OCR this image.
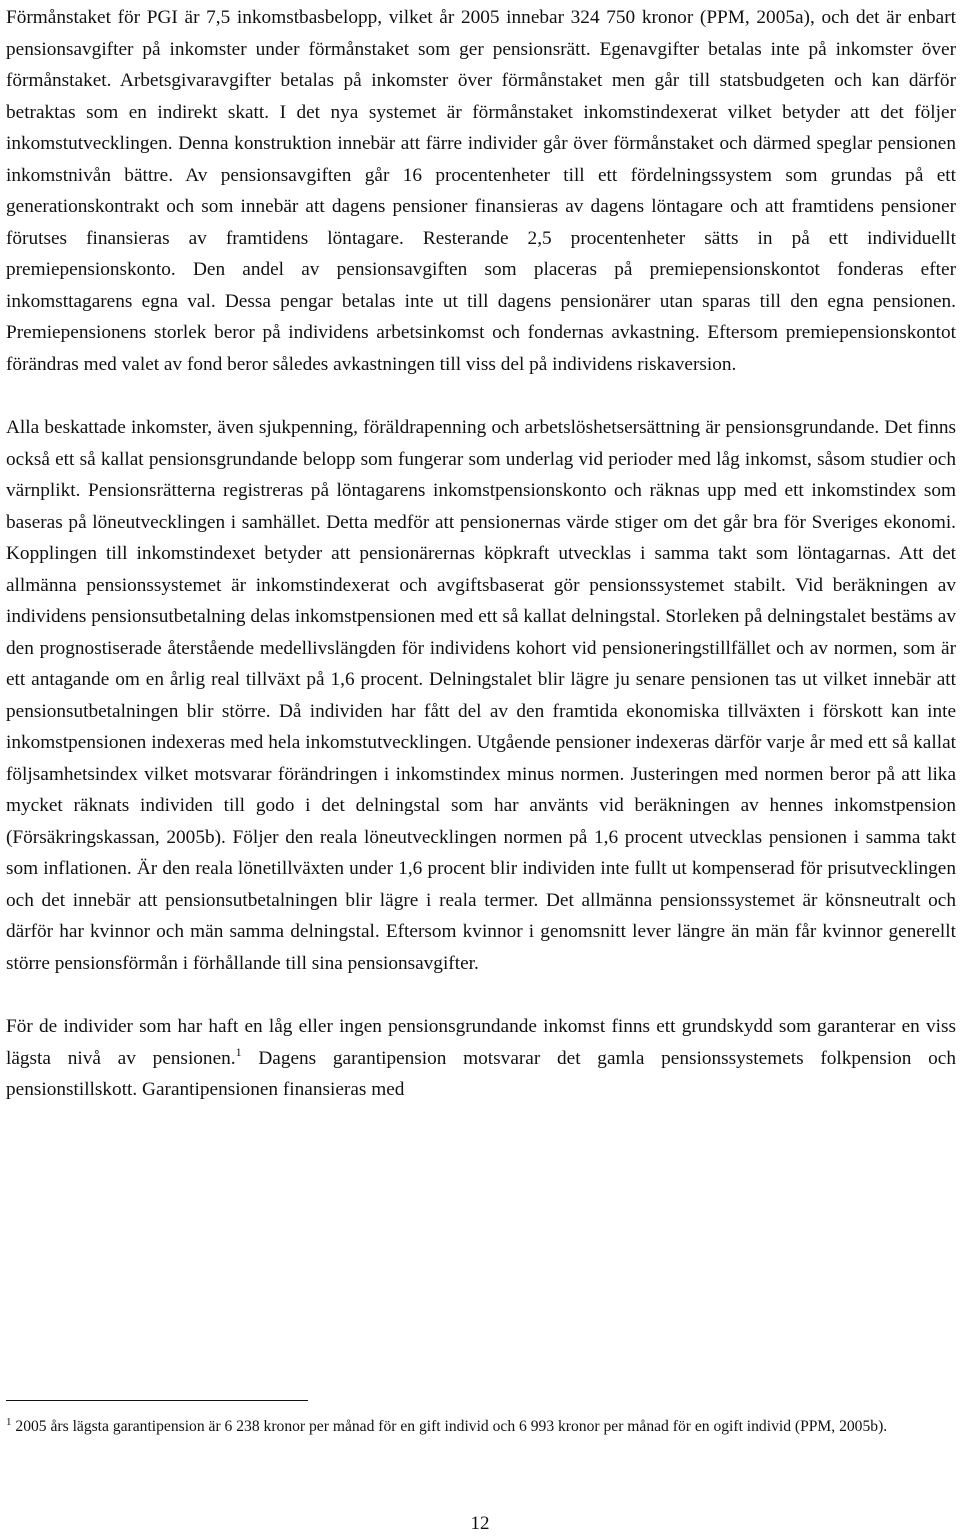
Förmånstaket för PGI är 7,5 inkomstbasbelopp, vilket år 2005 innebar 324 750 kronor (PPM, 2005a), och det är enbart pensionsavgifter på inkomster under förmånstaket som ger pensionsrätt. Egenavgifter betalas inte på inkomster över förmånstaket. Arbetsgivaravgifter betalas på inkomster över förmånstaket men går till statsbudgeten och kan därför betraktas som en indirekt skatt. I det nya systemet är förmånstaket inkomstindexerat vilket betyder att det följer inkomstutvecklingen. Denna konstruktion innebär att färre individer går över förmånstaket och därmed speglar pensionen inkomstnivån bättre. Av pensionsavgiften går 16 procentenheter till ett fördelningssystem som grundas på ett generationskontrakt och som innebär att dagens pensioner finansieras av dagens löntagare och att framtidens pensioner förutses finansieras av framtidens löntagare. Resterande 2,5 procentenheter sätts in på ett individuellt premiepensionskonto. Den andel av pensionsavgiften som placeras på premiepensionskontot fonderas efter inkomsttagarens egna val. Dessa pengar betalas inte ut till dagens pensionärer utan sparas till den egna pensionen. Premiepensionens storlek beror på individens arbetsinkomst och fondernas avkastning. Eftersom premiepensionskontot förändras med valet av fond beror således avkastningen till viss del på individens riskaversion.

Alla beskattade inkomster, även sjukpenning, föräldrapenning och arbetslöshetsersättning är pensionsgrundande. Det finns också ett så kallat pensionsgrundande belopp som fungerar som underlag vid perioder med låg inkomst, såsom studier och värnplikt. Pensionsrätterna registreras på löntagarens inkomstpensionskonto och räknas upp med ett inkomstindex som baseras på löneutvecklingen i samhället. Detta medför att pensionernas värde stiger om det går bra för Sveriges ekonomi. Kopplingen till inkomstindexet betyder att pensionärernas köpkraft utvecklas i samma takt som löntagarnas. Att det allmänna pensionssystemet är inkomstindexerat och avgiftsbaserat gör pensionssystemet stabilt. Vid beräkningen av individens pensionsutbetalning delas inkomstpensionen med ett så kallat delningstal. Storleken på delningstalet bestäms av den prognostiserade återstående medellivslängden för individens kohort vid pensioneringstillfället och av normen, som är ett antagande om en årlig real tillväxt på 1,6 procent. Delningstalet blir lägre ju senare pensionen tas ut vilket innebär att pensionsutbetalningen blir större. Då individen har fått del av den framtida ekonomiska tillväxten i förskott kan inte inkomstpensionen indexeras med hela inkomstutvecklingen. Utgående pensioner indexeras därför varje år med ett så kallat följsamhetsindex vilket motsvarar förändringen i inkomstindex minus normen. Justeringen med normen beror på att lika mycket räknats individen till godo i det delningstal som har använts vid beräkningen av hennes inkomstpension (Försäkringskassan, 2005b). Följer den reala löneutvecklingen normen på 1,6 procent utvecklas pensionen i samma takt som inflationen. Är den reala lönetillväxten under 1,6 procent blir individen inte fullt ut kompenserad för prisutvecklingen och det innebär att pensionsutbetalningen blir lägre i reala termer. Det allmänna pensionssystemet är könsneutralt och därför har kvinnor och män samma delningstal. Eftersom kvinnor i genomsnitt lever längre än män får kvinnor generellt större pensionsförmån i förhållande till sina pensionsavgifter.

För de individer som har haft en låg eller ingen pensionsgrundande inkomst finns ett grundskydd som garanterar en viss lägsta nivå av pensionen.$^1$ Dagens garantipension motsvarar det gamla pensionssystemets folkpension och pensionstillskott. Garantipensionen finansieras med

$^1$ 2005 års lägsta garantipension är 6 238 kronor per månad för en gift individ och 6 993 kronor per månad för en ogift individ (PPM, 2005b).

12
